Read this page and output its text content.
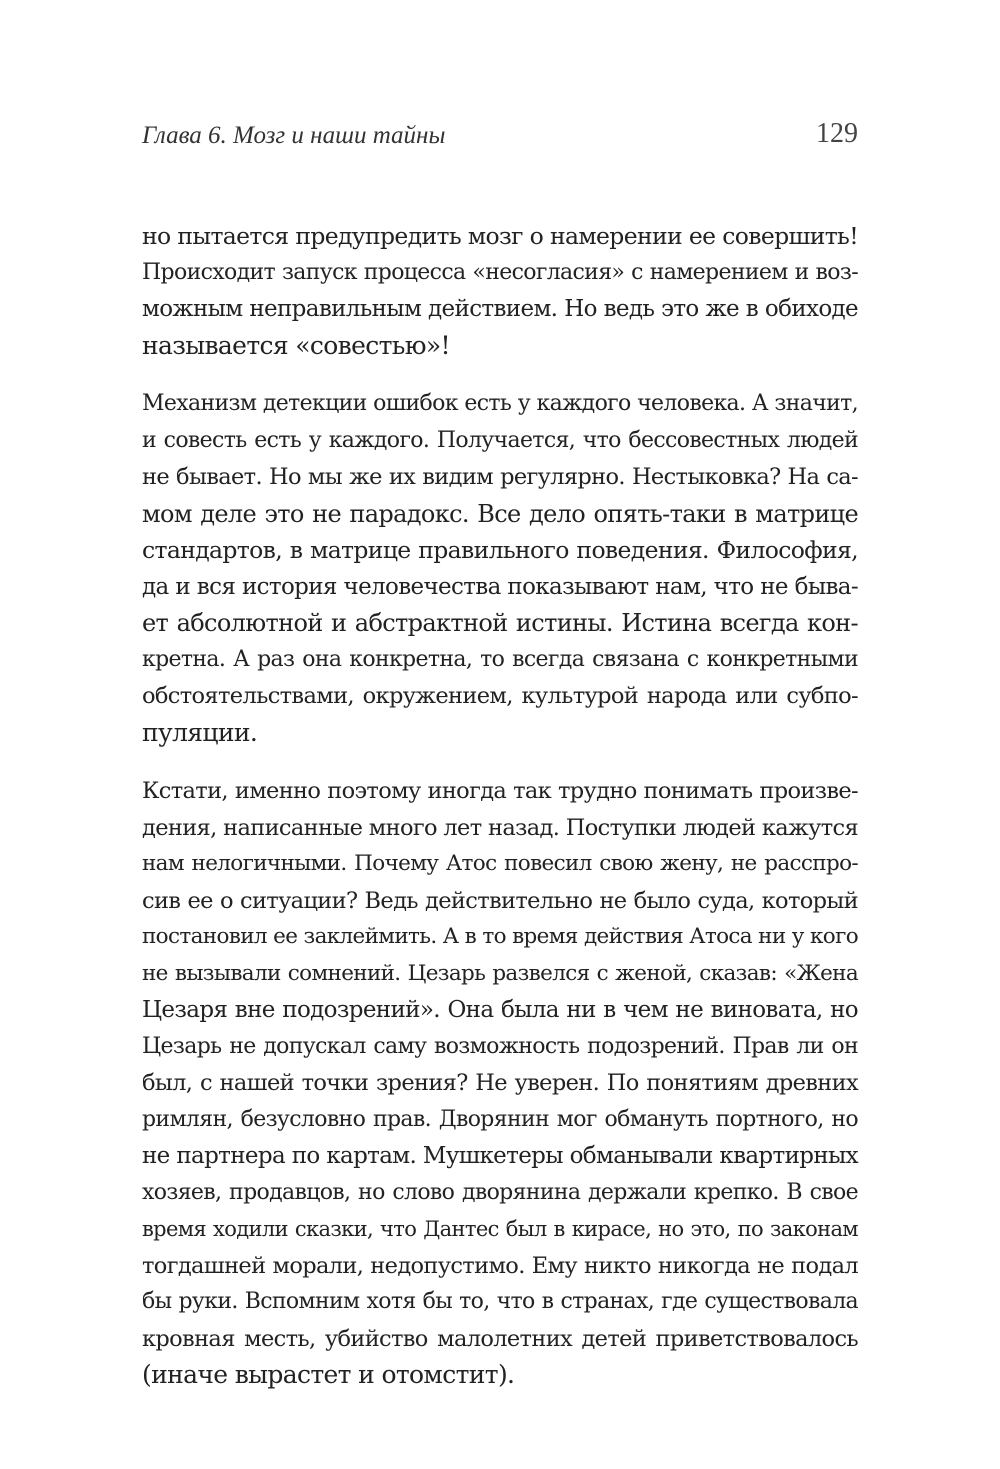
Глава 6. Мозг и наши тайны	129
но пытается предупредить мозг о намерении ее совершить!
Происходит запуск процесса «несогласия» с намерением и воз-
можным неправильным действием. Но ведь это же в обиходе
называется «совестью»!
Механизм детекции ошибок есть у каждого человека. А значит,
и совесть есть у каждого. Получается, что бессовестных людей
не бывает. Но мы же их видим регулярно. Нестыковка? На са-
мом деле это не парадокс. Все дело опять-таки в матрице
стандартов, в матрице правильного поведения. Философия,
да и вся история человечества показывают нам, что не быва-
ет абсолютной и абстрактной истины. Истина всегда кон-
кретна. А раз она конкретна, то всегда связана с конкретными
обстоятельствами, окружением, культурой народа или субпо-
пуляции.
Кстати, именно поэтому иногда так трудно понимать произве-
дения, написанные много лет назад. Поступки людей кажутся
нам нелогичными. Почему Атос повесил свою жену, не расспро-
сив ее о ситуации? Ведь действительно не было суда, который
постановил ее заклеймить. А в то время действия Атоса ни у кого
не вызывали сомнений. Цезарь развелся с женой, сказав: «Жена
Цезаря вне подозрений». Она была ни в чем не виновата, но
Цезарь не допускал саму возможность подозрений. Прав ли он
был, с нашей точки зрения? Не уверен. По понятиям древних
римлян, безусловно прав. Дворянин мог обмануть портного, но
не партнера по картам. Мушкетеры обманывали квартирных
хозяев, продавцов, но слово дворянина держали крепко. В свое
время ходили сказки, что Дантес был в кирасе, но это, по законам
тогдашней морали, недопустимо. Ему никто никогда не подал
бы руки. Вспомним хотя бы то, что в странах, где существовала
кровная месть, убийство малолетних детей приветствовалось
(иначе вырастет и отомстит).
